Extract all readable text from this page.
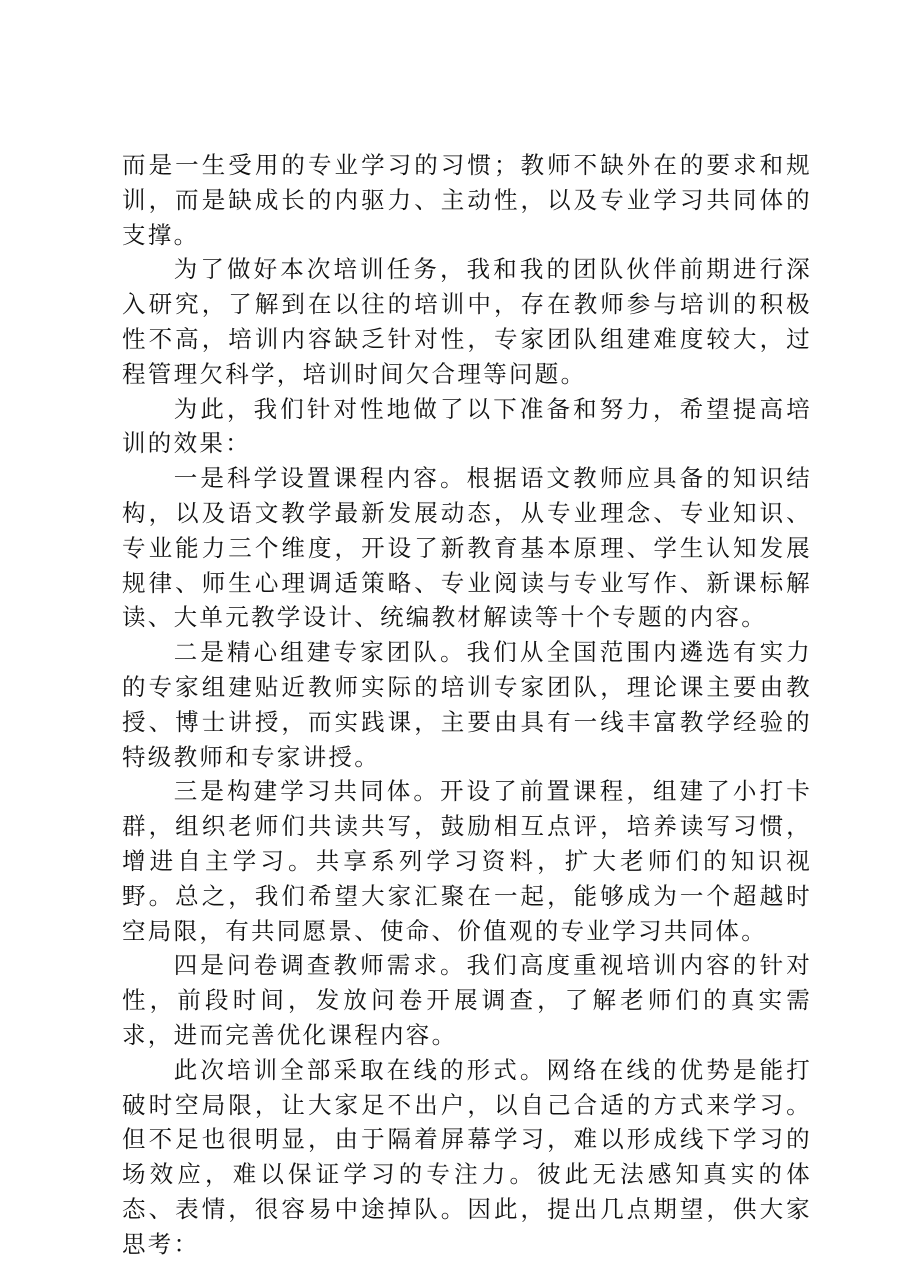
而是一生受用的专业学习的习惯；教师不缺外在的要求和规训，而是缺成长的内驱力、主动性，以及专业学习共同体的支撑。

为了做好本次培训任务，我和我的团队伙伴前期进行深入研究，了解到在以往的培训中，存在教师参与培训的积极性不高，培训内容缺乏针对性，专家团队组建难度较大，过程管理欠科学，培训时间欠合理等问题。

为此，我们针对性地做了以下准备和努力，希望提高培训的效果：

一是科学设置课程内容。根据语文教师应具备的知识结构，以及语文教学最新发展动态，从专业理念、专业知识、专业能力三个维度，开设了新教育基本原理、学生认知发展规律、师生心理调适策略、专业阅读与专业写作、新课标解读、大单元教学设计、统编教材解读等十个专题的内容。

二是精心组建专家团队。我们从全国范围内遴选有实力的专家组建贴近教师实际的培训专家团队，理论课主要由教授、博士讲授，而实践课，主要由具有一线丰富教学经验的特级教师和专家讲授。

三是构建学习共同体。开设了前置课程，组建了小打卡群，组织老师们共读共写，鼓励相互点评，培养读写习惯，增进自主学习。共享系列学习资料，扩大老师们的知识视野。总之，我们希望大家汇聚在一起，能够成为一个超越时空局限，有共同愿景、使命、价值观的专业学习共同体。

四是问卷调查教师需求。我们高度重视培训内容的针对性，前段时间，发放问卷开展调查，了解老师们的真实需求，进而完善优化课程内容。

此次培训全部采取在线的形式。网络在线的优势是能打破时空局限，让大家足不出户，以自己合适的方式来学习。但不足也很明显，由于隔着屏幕学习，难以形成线下学习的场效应，难以保证学习的专注力。彼此无法感知真实的体态、表情，很容易中途掉队。因此，提出几点期望，供大家思考：
